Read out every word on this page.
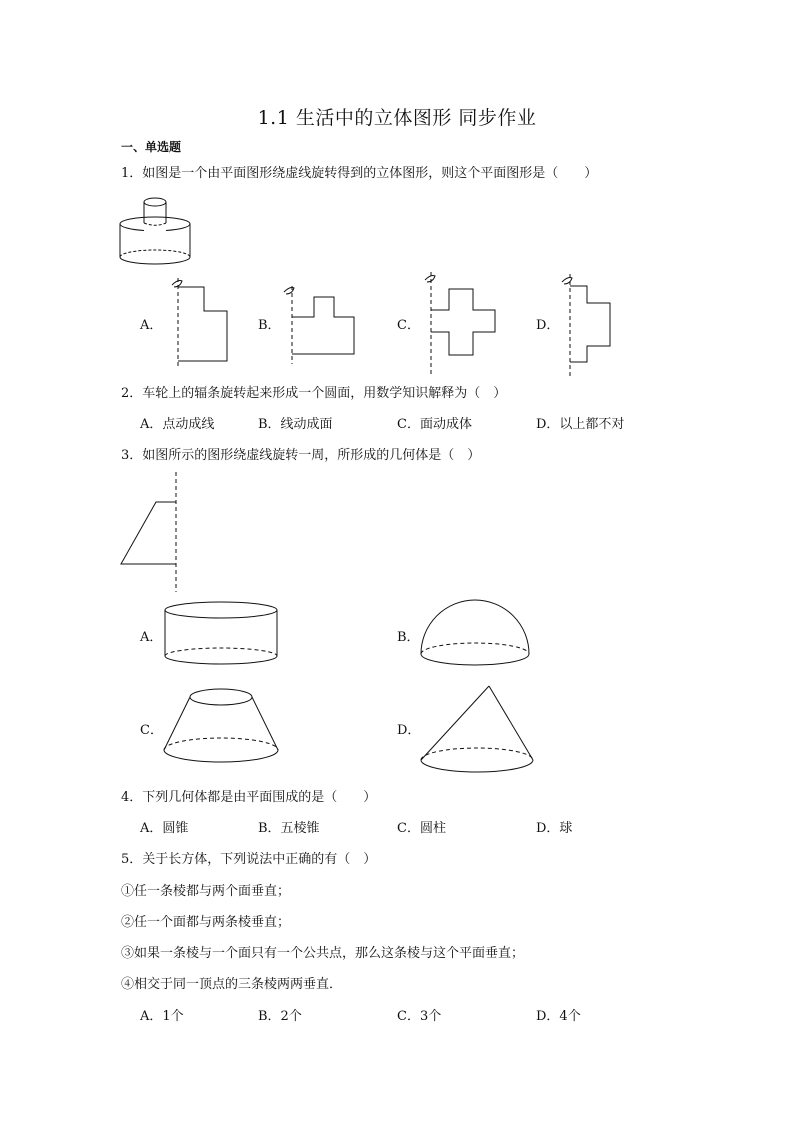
1.1 生活中的立体图形 同步作业
一、单选题
1．如图是一个由平面图形绕虚线旋转得到的立体图形，则这个平面图形是（　　）
A．	B．	C．	D．
2．车轮上的辐条旋转起来形成一个圆面，用数学知识解释为（　）
A．点动成线	B．线动成面	C．面动成体	D．以上都不对
3．如图所示的图形绕虚线旋转一周，所形成的几何体是（　）
A．	B．
C．	D．
4．下列几何体都是由平面围成的是（　　）
A．圆锥	B．五棱锥	C．圆柱	D．球
5．关于长方体，下列说法中正确的有（　）
①任一条棱都与两个面垂直；
②任一个面都与两条棱垂直；
③如果一条棱与一个面只有一个公共点，那么这条棱与这个平面垂直；
④相交于同一顶点的三条棱两两垂直．
A．1个	B．2个	C．3个	D．4个
